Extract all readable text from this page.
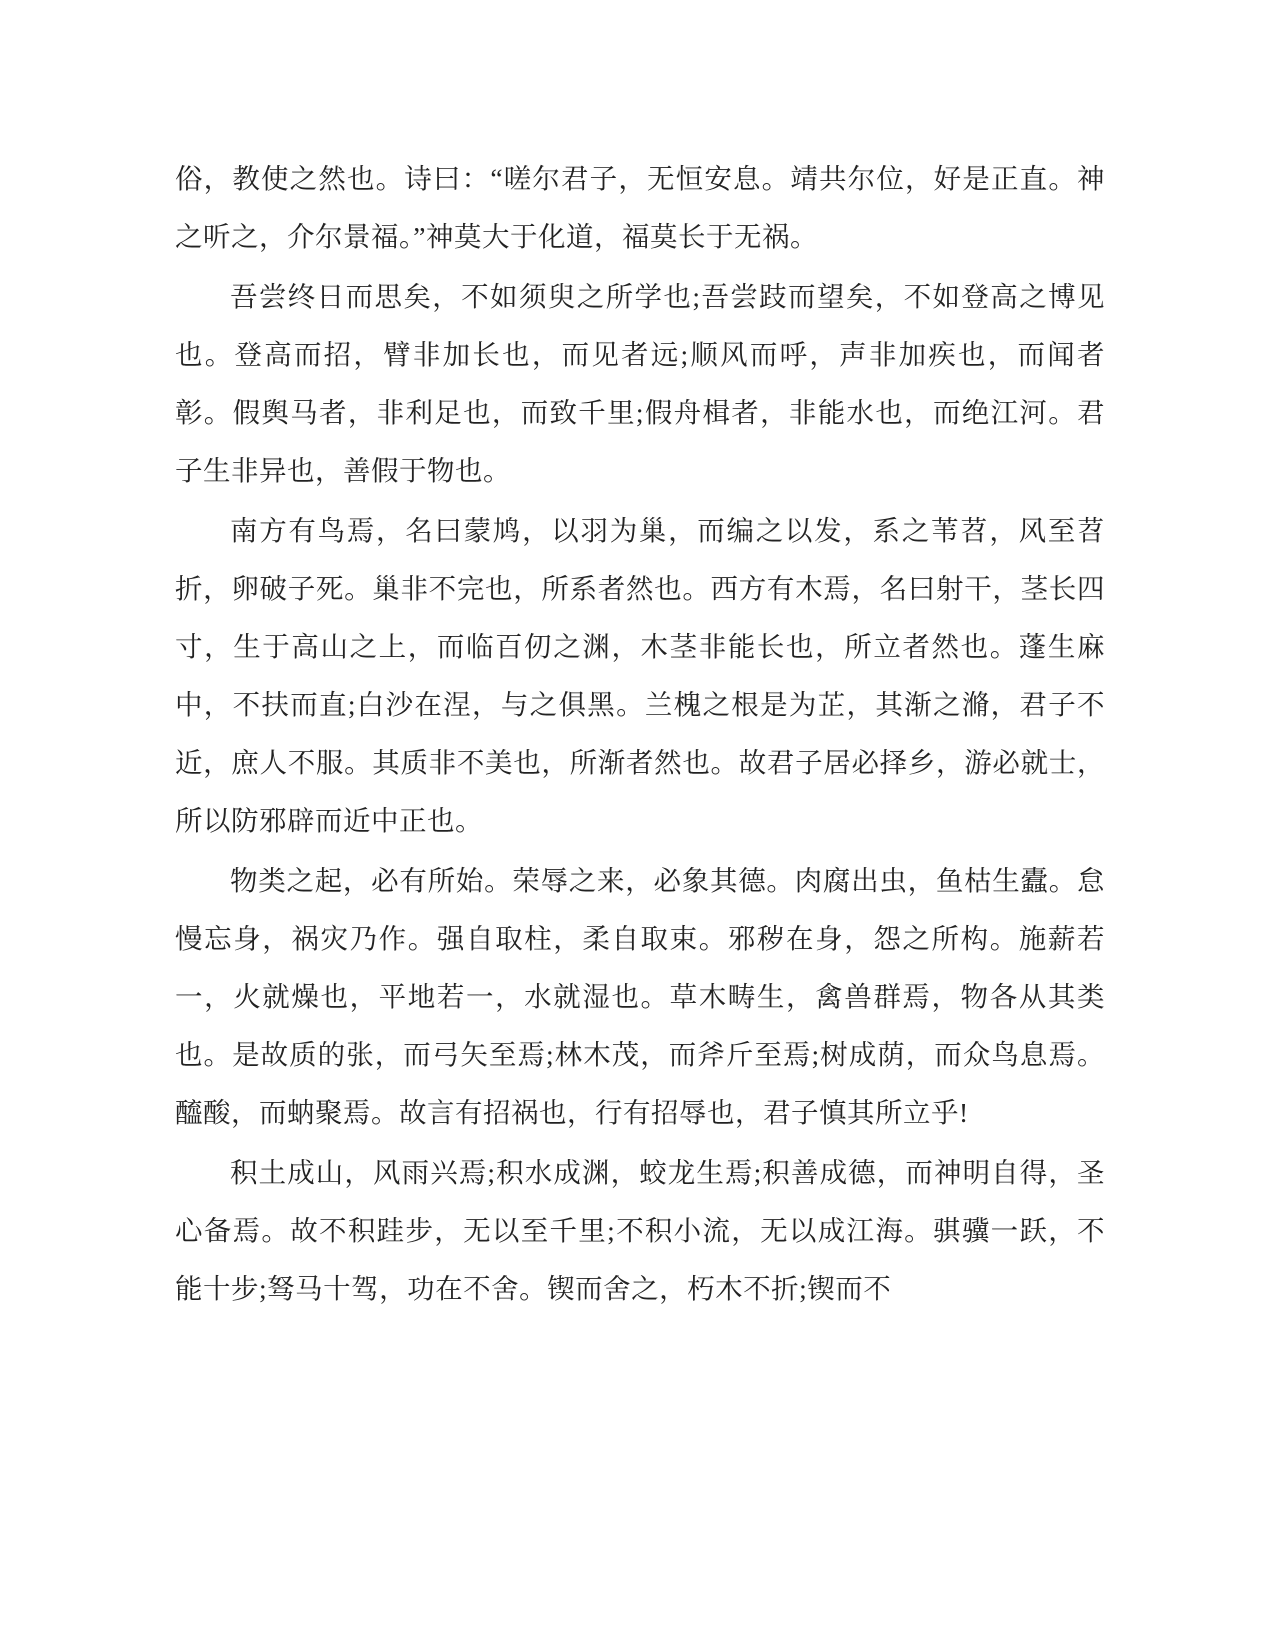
俗，教使之然也。诗曰：“嗟尔君子，无恒安息。靖共尔位，好是正直。神之听之，介尔景福。”神莫大于化道，福莫长于无祸。

吾尝终日而思矣，不如须臾之所学也;吾尝跂而望矣，不如登高之博见也。登高而招，臂非加长也，而见者远;顺风而呼，声非加疾也，而闻者彰。假舆马者，非利足也，而致千里;假舟楫者，非能水也，而绝江河。君子生非异也，善假于物也。

南方有鸟焉，名曰蒙鸠，以羽为巢，而编之以发，系之苇苕，风至苕折，卵破子死。巢非不完也，所系者然也。西方有木焉，名曰射干，茎长四寸，生于高山之上，而临百仞之渊，木茎非能长也，所立者然也。蓬生麻中，不扶而直;白沙在涅，与之俱黑。兰槐之根是为芷，其渐之滫，君子不近，庶人不服。其质非不美也，所渐者然也。故君子居必择乡，游必就士，所以防邪辟而近中正也。

物类之起，必有所始。荣辱之来，必象其德。肉腐出虫，鱼枯生蠹。怠慢忘身，祸灾乃作。强自取柱，柔自取束。邪秽在身，怨之所构。施薪若一，火就燥也，平地若一，水就湿也。草木畴生，禽兽群焉，物各从其类也。是故质的张，而弓矢至焉;林木茂，而斧斤至焉;树成荫，而众鸟息焉。醯酸，而蚋聚焉。故言有招祸也，行有招辱也，君子慎其所立乎!

积土成山，风雨兴焉;积水成渊，蛟龙生焉;积善成德，而神明自得，圣心备焉。故不积跬步，无以至千里;不积小流，无以成江海。骐骥一跃，不能十步;驽马十驾，功在不舍。锲而舍之，朽木不折;锲而不
